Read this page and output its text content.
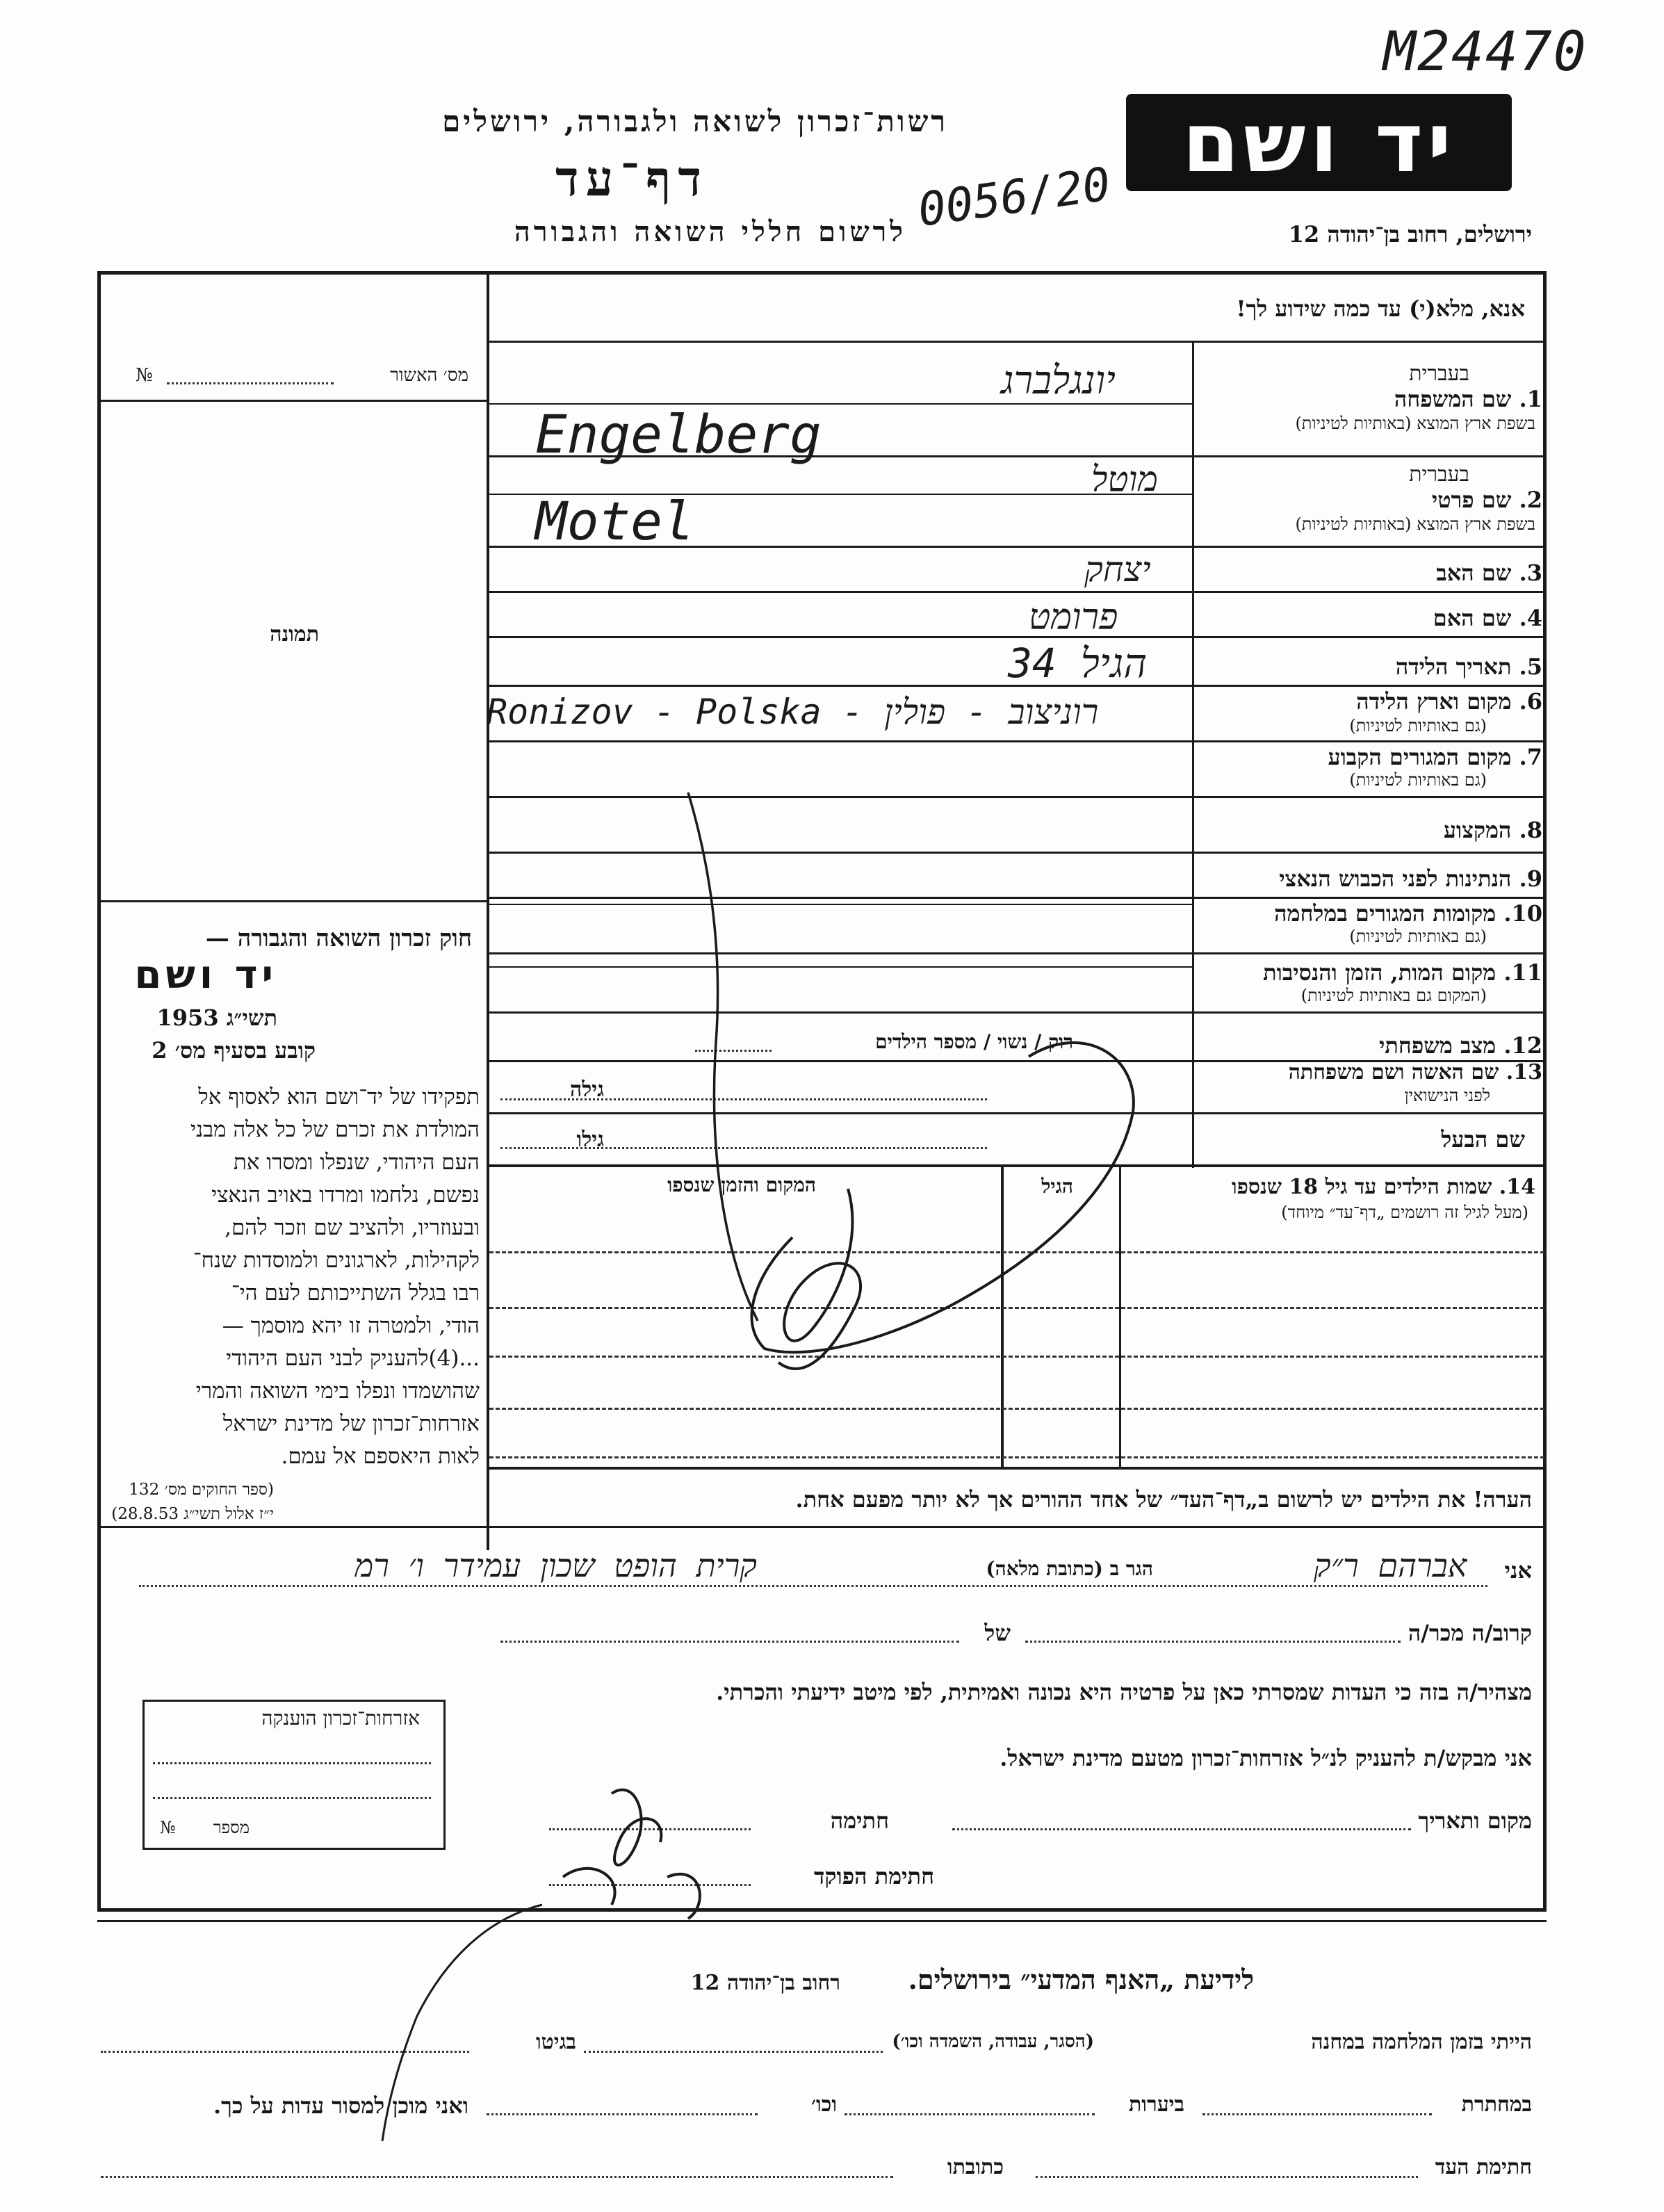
M24470
0056/20
רשות־זכרון לשואה ולגבורה, ירושלים	יד ושם
דף־עד
לרשום חללי השואה והגבורה	ירושלים, רחוב בן־יהודה 12
אנא, מלא(י) עד כמה שידוע לך!
מס׳ האשור
№
תמונה
חוק זכרון השואה והגבורה —
יד ושם
תשי״ג 1953
קובע בסעיף מס׳ 2
תפקידו של יד־ושם הוא לאסוף אל
המולדת את זכרם של כל אלה מבני
העם היהודי, שנפלו ומסרו את
נפשם, נלחמו ומרדו באויב הנאצי
ובעוזריו, ולהציב שם וזכר להם,
לקהילות, לארגונים ולמוסדות שנח־
רבו בגלל השתייכותם לעם הי־
הודי, ולמטרה זו יהא מוסמך —
...(4)להעניק לבני העם היהודי
שהושמדו ונפלו בימי השואה והמרי
אזרחות־זכרון של מדינת ישראל
לאות היאספם אל עמם.
(ספר החוקים מס׳ 132
י״ז אלול תשי״ג 28.8.53)
אזרחות־זכרון הוענקה
מספר
№
בעברית
1. שם המשפחה
בשפת ארץ המוצא (באותיות לטיניות)
יונגלברג
Engelberg
בעברית
2. שם פרטי
בשפת ארץ המוצא (באותיות לטיניות)
מוטל
Motel
3. שם האב
יצחק
4. שם האם
פרומט
5. תאריך הלידה
הגיל 34
6. מקום וארץ הלידה
(גם באותיות לטיניות)
Ronizov - Polska - רוניצוב - פולין
7. מקום המגורים הקבוע
(גם באותיות לטיניות)
8. המקצוע
9. הנתינות לפני הכבוש הנאצי
10. מקומות המגורים במלחמה
(גם באותיות לטיניות)
11. מקום המות, הזמן והנסיבות
(המקום גם באותיות לטיניות)
12. מצב משפחתי
רוק / נשוי / מספר הילדים
13. שם האשה ושם משפחתה
לפני הנישואין
גילה
שם הבעל
גילו
14. שמות הילדים עד גיל 18 שנספו
(מעל לגיל זה רושמים „דף־עד״ מיוחד)
הגיל
המקום והזמן שנספו
הערה! את הילדים יש לרשום ב„דף־העד״ של אחד ההורים אך לא יותר מפעם אחת.
אני
אברהם ר״ק
הגר ב (כתובת מלאה)
קרית הופט שכון עמידר ו׳ רמ
קרוב/ה מכר/ה
של
מצהיר/ה בזה כי העדות שמסרתי כאן על פרטיה היא נכונה ואמיתית, לפי מיטב ידיעתי והכרתי.
אני מבקש/ת להעניק לנ״ל אזרחות־זכרון מטעם מדינת ישראל.
מקום ותאריך
חתימה
חתימת הפוקד
לידיעת „האנף המדעי״ בירושלים.
רחוב בן־יהודה 12
הייתי בזמן המלחמה במחנה
(הסגר, עבודה, השמדה וכו׳)
בגיטו
במחתרת
ביערות
וכו׳
ואני מוכן למסור עדות על כך.
חתימת העד
כתובתו
